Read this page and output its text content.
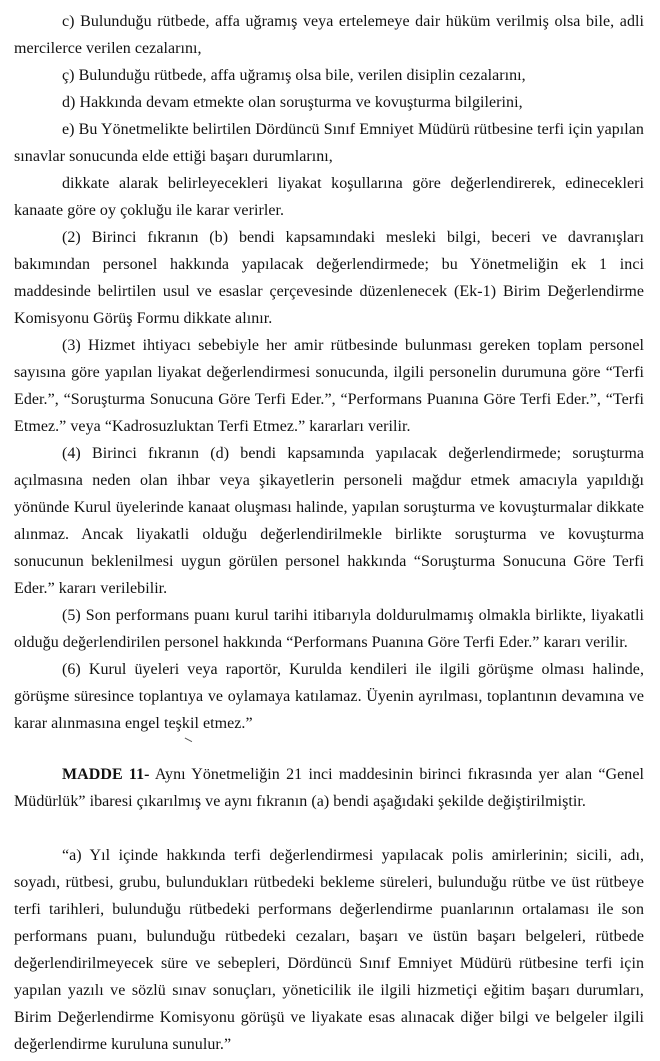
c) Bulunduğu rütbede, affa uğramış veya ertelemeye dair hüküm verilmiş olsa bile, adli mercilerce verilen cezalarını,

ç) Bulunduğu rütbede, affa uğramış olsa bile, verilen disiplin cezalarını,

d) Hakkında devam etmekte olan soruşturma ve kovuşturma bilgilerini,

e) Bu Yönetmelikte belirtilen Dördüncü Sınıf Emniyet Müdürü rütbesine terfi için yapılan sınavlar sonucunda elde ettiği başarı durumlarını,

dikkate alarak belirleyecekleri liyakat koşullarına göre değerlendirerek, edinecekleri kanaate göre oy çokluğu ile karar verirler.

(2) Birinci fıkranın (b) bendi kapsamındaki mesleki bilgi, beceri ve davranışları bakımından personel hakkında yapılacak değerlendirmede; bu Yönetmeliğin ek 1 inci maddesinde belirtilen usul ve esaslar çerçevesinde düzenlenecek (Ek-1) Birim Değerlendirme Komisyonu Görüş Formu dikkate alınır.

(3) Hizmet ihtiyacı sebebiyle her amir rütbesinde bulunması gereken toplam personel sayısına göre yapılan liyakat değerlendirmesi sonucunda, ilgili personelin durumuna göre “Terfi Eder.”, “Soruşturma Sonucuna Göre Terfi Eder.”, “Performans Puanına Göre Terfi Eder.”, “Terfi Etmez.” veya “Kadrosuzluktan Terfi Etmez.” kararları verilir.

(4) Birinci fıkranın (d) bendi kapsamında yapılacak değerlendirmede; soruşturma açılmasına neden olan ihbar veya şikayetlerin personeli mağdur etmek amacıyla yapıldığı yönünde Kurul üyelerinde kanaat oluşması halinde, yapılan soruşturma ve kovuşturmalar dikkate alınmaz. Ancak liyakatli olduğu değerlendirilmekle birlikte soruşturma ve kovuşturma sonucunun beklenilmesi uygun görülen personel hakkında “Soruşturma Sonucuna Göre Terfi Eder.” kararı verilebilir.

(5) Son performans puanı kurul tarihi itibarıyla doldurulmamış olmakla birlikte, liyakatli olduğu değerlendirilen personel hakkında “Performans Puanına Göre Terfi Eder.” kararı verilir.

(6) Kurul üyeleri veya raportör, Kurulda kendileri ile ilgili görüşme olması halinde, görüşme süresince toplantıya ve oylamaya katılamaz. Üyenin ayrılması, toplantının devamına ve karar alınmasına engel teşkil etmez.”

MADDE 11- Aynı Yönetmeliğin 21 inci maddesinin birinci fıkrasında yer alan “Genel Müdürlük” ibaresi çıkarılmış ve aynı fıkranın (a) bendi aşağıdaki şekilde değiştirilmiştir.

“a) Yıl içinde hakkında terfi değerlendirmesi yapılacak polis amirlerinin; sicili, adı, soyadı, rütbesi, grubu, bulundukları rütbedeki bekleme süreleri, bulunduğu rütbe ve üst rütbeye terfi tarihleri, bulunduğu rütbedeki performans değerlendirme puanlarının ortalaması ile son performans puanı, bulunduğu rütbedeki cezaları, başarı ve üstün başarı belgeleri, rütbede değerlendirilmeyecek süre ve sebepleri, Dördüncü Sınıf Emniyet Müdürü rütbesine terfi için yapılan yazılı ve sözlü sınav sonuçları, yöneticilik ile ilgili hizmetiçi eğitim başarı durumları, Birim Değerlendirme Komisyonu görüşü ve liyakate esas alınacak diğer bilgi ve belgeler ilgili değerlendirme kuruluna sunulur.”
